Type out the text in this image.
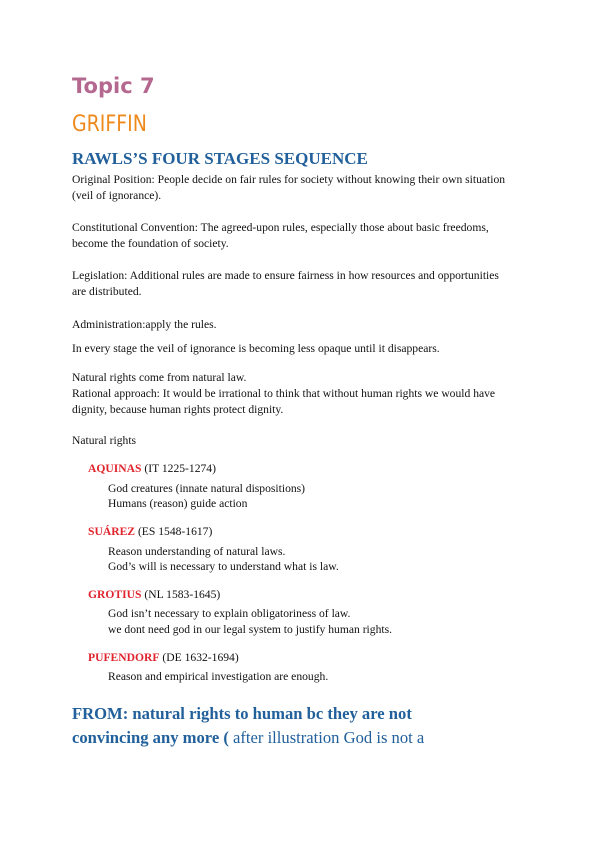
Topic 7
GRIFFIN
RAWLS’S FOUR STAGES SEQUENCE
Original Position: People decide on fair rules for society without knowing their own situation
(veil of ignorance).
Constitutional Convention: The agreed-upon rules, especially those about basic freedoms,
become the foundation of society.
Legislation: Additional rules are made to ensure fairness in how resources and opportunities
are distributed.
Administration:apply the rules.
In every stage the veil of ignorance is becoming less opaque until it disappears.
Natural rights come from natural law.
Rational approach: It would be irrational to think that without human rights we would have
dignity, because human rights protect dignity.
Natural rights
AQUINAS (IT 1225-1274)
God creatures (innate natural dispositions)
Humans (reason) guide action
SUÁREZ (ES 1548-1617)
Reason understanding of natural laws.
God’s will is necessary to understand what is law.
GROTIUS (NL 1583-1645)
God isn’t necessary to explain obligatoriness of law.
we dont need god in our legal system to justify human rights.
PUFENDORF (DE 1632-1694)
Reason and empirical investigation are enough.
FROM: natural rights to human bc they are not
convincing any more ( after illustration God is not a
